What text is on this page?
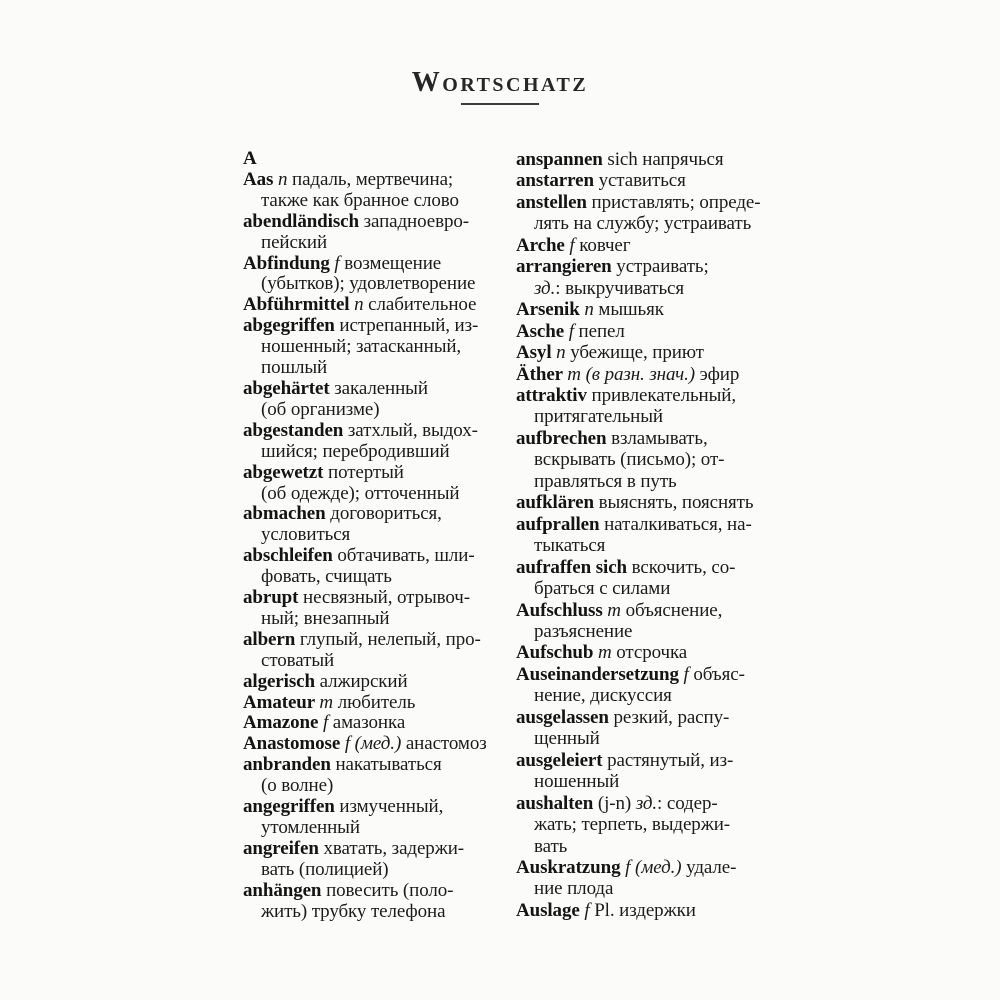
Wortschatz
A
Aas n падаль, мертвечина;
также как бранное слово
abendländisch западноевро-
пейский
Abfindung f возмещение
(убытков); удовлетворение
Abführmittel n слабительное
abgegriffen истрепанный, из-
ношенный; затасканный,
пошлый
abgehärtet закаленный
(об организме)
abgestanden затхлый, выдох-
шийся; перебродивший
abgewetzt потертый
(об одежде); отточенный
abmachen договориться,
условиться
abschleifen обтачивать, шли-
фовать, счищать
abrupt несвязный, отрывоч-
ный; внезапный
albern глупый, нелепый, про-
стоватый
algerisch алжирский
Amateur m любитель
Amazone f амазонка
Anastomose f (мед.) анастомоз
anbranden накатываться
(о волне)
angegriffen измученный,
утомленный
angreifen хватать, задержи-
вать (полицией)
anhängen повесить (поло-
жить) трубку телефона
anspannen sich напрячься
anstarren уставиться
anstellen приставлять; опреде-
лять на службу; устраивать
Arche f ковчег
arrangieren устраивать;
зд.: выкручиваться
Arsenik n мышьяк
Asche f пепел
Asyl n убежище, приют
Äther m (в разн. знач.) эфир
attraktiv привлекательный,
притягательный
aufbrechen взламывать,
вскрывать (письмо); от-
правляться в путь
aufklären выяснять, пояснять
aufprallen наталкиваться, на-
тыкаться
aufraffen sich вскочить, со-
браться с силами
Aufschluss m объяснение,
разъяснение
Aufschub m отсрочка
Auseinandersetzung f объяс-
нение, дискуссия
ausgelassen резкий, распу-
щенный
ausgeleiert растянутый, из-
ношенный
aushalten (j-n) зд.: содер-
жать; терпеть, выдержи-
вать
Auskratzung f (мед.) удале-
ние плода
Auslage f Pl. издержки
